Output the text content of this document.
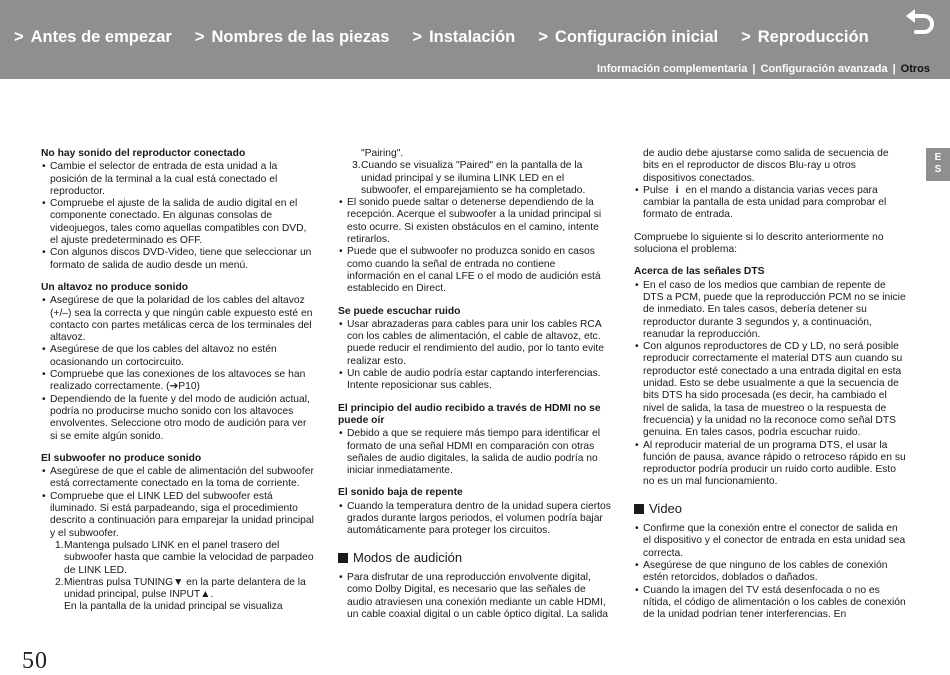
> Antes de empezar > Nombres de las piezas > Instalación > Configuración inicial > Reproducción
Información complementaria | Configuración avanzada | Otros
E
S
No hay sonido del reproductor conectado
• Cambie el selector de entrada de esta unidad a la posición de la terminal a la cual está conectado el reproductor.
• Compruebe el ajuste de la salida de audio digital en el componente conectado. En algunas consolas de videojuegos, tales como aquellas compatibles con DVD, el ajuste predeterminado es OFF.
• Con algunos discos DVD-Video, tiene que seleccionar un formato de salida de audio desde un menú.
Un altavoz no produce sonido
• Asegúrese de que la polaridad de los cables del altavoz (+/–) sea la correcta y que ningún cable expuesto esté en contacto con partes metálicas cerca de los terminales del altavoz.
• Asegúrese de que los cables del altavoz no estén ocasionando un cortocircuito.
• Compruebe que las conexiones de los altavoces se han realizado correctamente. (➔P10)
• Dependiendo de la fuente y del modo de audición actual, podría no producirse mucho sonido con los altavoces envolventes. Seleccione otro modo de audición para ver si se emite algún sonido.
El subwoofer no produce sonido
• Asegúrese de que el cable de alimentación del subwoofer está correctamente conectado en la toma de corriente.
• Compruebe que el LINK LED del subwoofer está iluminado. Si está parpadeando, siga el procedimiento descrito a continuación para emparejar la unidad principal y el subwoofer.
1. Mantenga pulsado LINK en el panel trasero del subwoofer hasta que cambie la velocidad de parpadeo de LINK LED.
2. Mientras pulsa TUNING▼ en la parte delantera de la unidad principal, pulse INPUT▲.
En la pantalla de la unidad principal se visualiza
"Pairing".
3. Cuando se visualiza "Paired" en la pantalla de la unidad principal y se ilumina LINK LED en el subwoofer, el emparejamiento se ha completado.
• El sonido puede saltar o detenerse dependiendo de la recepción. Acerque el subwoofer a la unidad principal si esto ocurre. Si existen obstáculos en el camino, intente retirarlos.
• Puede que el subwoofer no produzca sonido en casos como cuando la señal de entrada no contiene información en el canal LFE o el modo de audición está establecido en Direct.
Se puede escuchar ruido
• Usar abrazaderas para cables para unir los cables RCA con los cables de alimentación, el cable de altavoz, etc. puede reducir el rendimiento del audio, por lo tanto evite realizar esto.
• Un cable de audio podría estar captando interferencias. Intente reposicionar sus cables.
El principio del audio recibido a través de HDMI no se puede oír
• Debido a que se requiere más tiempo para identificar el formato de una señal HDMI en comparación con otras señales de audio digitales, la salida de audio podría no iniciar inmediatamente.
El sonido baja de repente
• Cuando la temperatura dentro de la unidad supera ciertos grados durante largos periodos, el volumen podría bajar automáticamente para proteger los circuitos.
Modos de audición
• Para disfrutar de una reproducción envolvente digital, como Dolby Digital, es necesario que las señales de audio atraviesen una conexión mediante un cable HDMI, un cable coaxial digital o un cable óptico digital. La salida
de audio debe ajustarse como salida de secuencia de bits en el reproductor de discos Blu-ray u otros dispositivos conectados.
• Pulse i en el mando a distancia varias veces para cambiar la pantalla de esta unidad para comprobar el formato de entrada.

Compruebe lo siguiente si lo descrito anteriormente no soluciona el problema:

Acerca de las señales DTS
• En el caso de los medios que cambian de repente de DTS a PCM, puede que la reproducción PCM no se inicie de inmediato. En tales casos, debería detener su reproductor durante 3 segundos y, a continuación, reanudar la reproducción.
• Con algunos reproductores de CD y LD, no será posible reproducir correctamente el material DTS aun cuando su reproductor esté conectado a una entrada digital en esta unidad. Esto se debe usualmente a que la secuencia de bits DTS ha sido procesada (es decir, ha cambiado el nivel de salida, la tasa de muestreo o la respuesta de frecuencia) y la unidad no la reconoce como señal DTS genuina. En tales casos, podría escuchar ruido.
• Al reproducir material de un programa DTS, el usar la función de pausa, avance rápido o retroceso rápido en su reproductor podría producir un ruido corto audible. Esto no es un mal funcionamiento.
Video
• Confirme que la conexión entre el conector de salida en el dispositivo y el conector de entrada en esta unidad sea correcta.
• Asegúrese de que ninguno de los cables de conexión estén retorcidos, doblados o dañados.
• Cuando la imagen del TV está desenfocada o no es nítida, el código de alimentación o los cables de conexión de la unidad podrían tener interferencias. En
50
